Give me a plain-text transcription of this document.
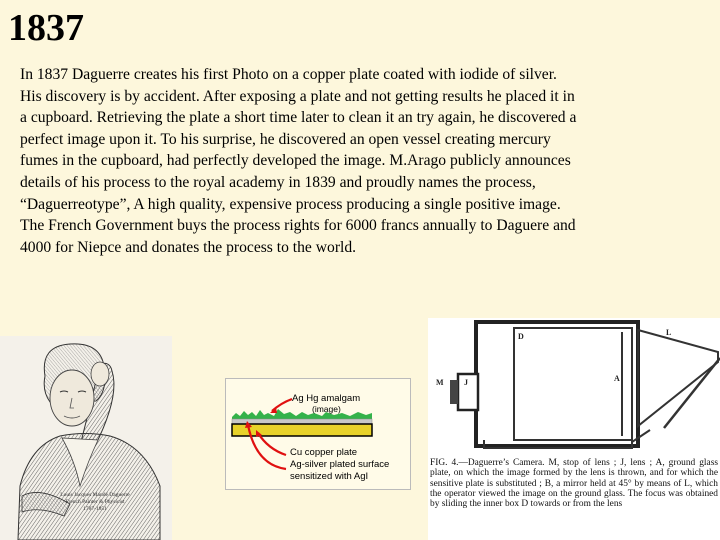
1837
In 1837 Daguerre creates his first Photo on a copper plate coated with iodide of silver. His discovery is by accident. After exposing a plate and not getting results he placed it in a cupboard. Retrieving the plate a short time later to clean it an try again, he discovered a perfect image upon it. To his surprise, he discovered an open vessel creating mercury fumes in the cupboard, had perfectly developed the image. M.Arago publicly announces details of his process to the royal academy in 1839 and proudly names the process, “Daguerreotype”, A high quality, expensive process producing a single positive image. The French Government buys the process rights for 6000 francs annually to Daguere and 4000 for Niepce and donates the process to the world.
Louis Jacques Mandé Daguerre
French Painter & Physicist
1787-1851
Ag Hg amalgam
(image)
Cu copper plate
Ag-silver plated surface
sensitized with AgI
D	L
M	J	A
FIG. 4.—Daguerre’s Camera. M, stop of lens ; J, lens ; A, ground glass plate, on which the image formed by the lens is thrown, and for which the sensitive plate is substituted ; B, a mirror held at 45° by means of L, which the operator viewed the image on the ground glass. The focus was obtained by sliding the inner box D towards or from the lens
